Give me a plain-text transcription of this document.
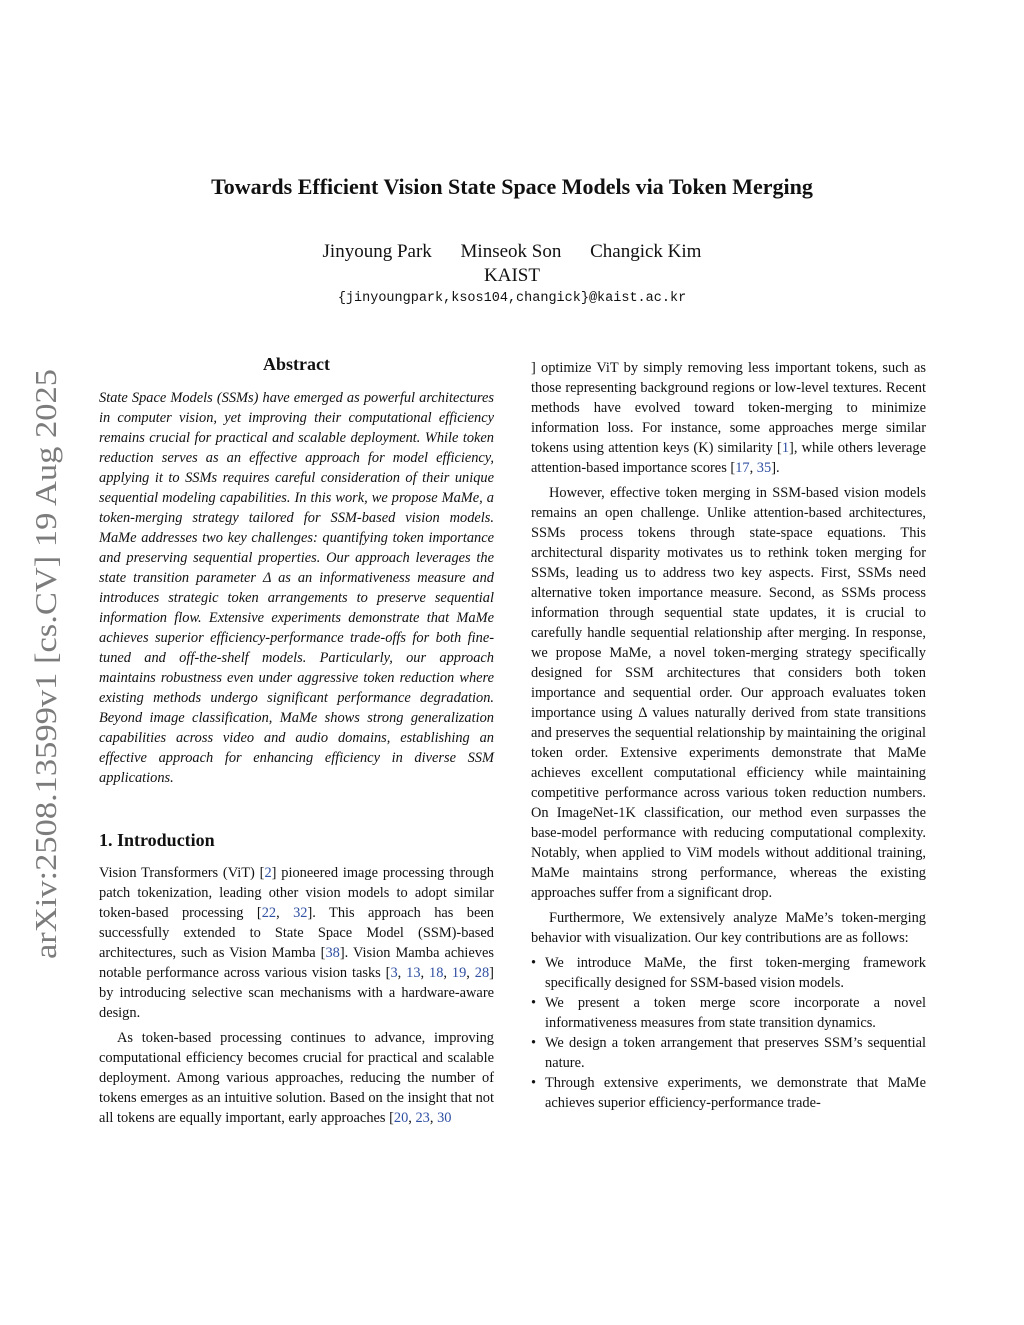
arXiv:2508.13599v1 [cs.CV] 19 Aug 2025
Towards Efficient Vision State Space Models via Token Merging
Jinyoung Park Minseok Son Changick Kim
KAIST
{jinyoungpark,ksos104,changick}@kaist.ac.kr
Abstract

State Space Models (SSMs) have emerged as powerful architectures in computer vision, yet improving their computational efficiency remains crucial for practical and scalable deployment. While token reduction serves as an effective approach for model efficiency, applying it to SSMs requires careful consideration of their unique sequential modeling capabilities. In this work, we propose MaMe, a token-merging strategy tailored for SSM-based vision models. MaMe addresses two key challenges: quantifying token importance and preserving sequential properties. Our approach leverages the state transition parameter Δ as an informativeness measure and introduces strategic token arrangements to preserve sequential information flow. Extensive experiments demonstrate that MaMe achieves superior efficiency-performance trade-offs for both fine-tuned and off-the-shelf models. Particularly, our approach maintains robustness even under aggressive token reduction where existing methods undergo significant performance degradation. Beyond image classification, MaMe shows strong generalization capabilities across video and audio domains, establishing an effective approach for enhancing efficiency in diverse SSM applications.

1. Introduction

Vision Transformers (ViT) [2] pioneered image processing through patch tokenization, leading other vision models to adopt similar token-based processing [22, 32]. This approach has been successfully extended to State Space Model (SSM)-based architectures, such as Vision Mamba [38]. Vision Mamba achieves notable performance across various vision tasks [3, 13, 18, 19, 28] by introducing selective scan mechanisms with a hardware-aware design.

As token-based processing continues to advance, improving computational efficiency becomes crucial for practical and scalable deployment. Among various approaches, reducing the number of tokens emerges as an intuitive solution. Based on the insight that not all tokens are equally important, early approaches [20, 23, 30

] optimize ViT by simply removing less important tokens, such as those representing background regions or low-level textures. Recent methods have evolved toward token-merging to minimize information loss. For instance, some approaches merge similar tokens using attention keys (K) similarity [1], while others leverage attention-based importance scores [17, 35].

However, effective token merging in SSM-based vision models remains an open challenge. Unlike attention-based architectures, SSMs process tokens through state-space equations. This architectural disparity motivates us to rethink token merging for SSMs, leading us to address two key aspects. First, SSMs need alternative token importance measure. Second, as SSMs process information through sequential state updates, it is crucial to carefully handle sequential relationship after merging. In response, we propose MaMe, a novel token-merging strategy specifically designed for SSM architectures that considers both token importance and sequential order. Our approach evaluates token importance using Δ values naturally derived from state transitions and preserves the sequential relationship by maintaining the original token order. Extensive experiments demonstrate that MaMe achieves excellent computational efficiency while maintaining competitive performance across various token reduction numbers. On ImageNet-1K classification, our method even surpasses the base-model performance with reducing computational complexity. Notably, when applied to ViM models without additional training, MaMe maintains strong performance, whereas the existing approaches suffer from a significant drop.

Furthermore, We extensively analyze MaMe’s token-merging behavior with visualization. Our key contributions are as follows:

• We introduce MaMe, the first token-merging framework specifically designed for SSM-based vision models.
• We present a token merge score incorporate a novel informativeness measures from state transition dynamics.
• We design a token arrangement that preserves SSM’s sequential nature.
• Through extensive experiments, we demonstrate that MaMe achieves superior efficiency-performance trade-
